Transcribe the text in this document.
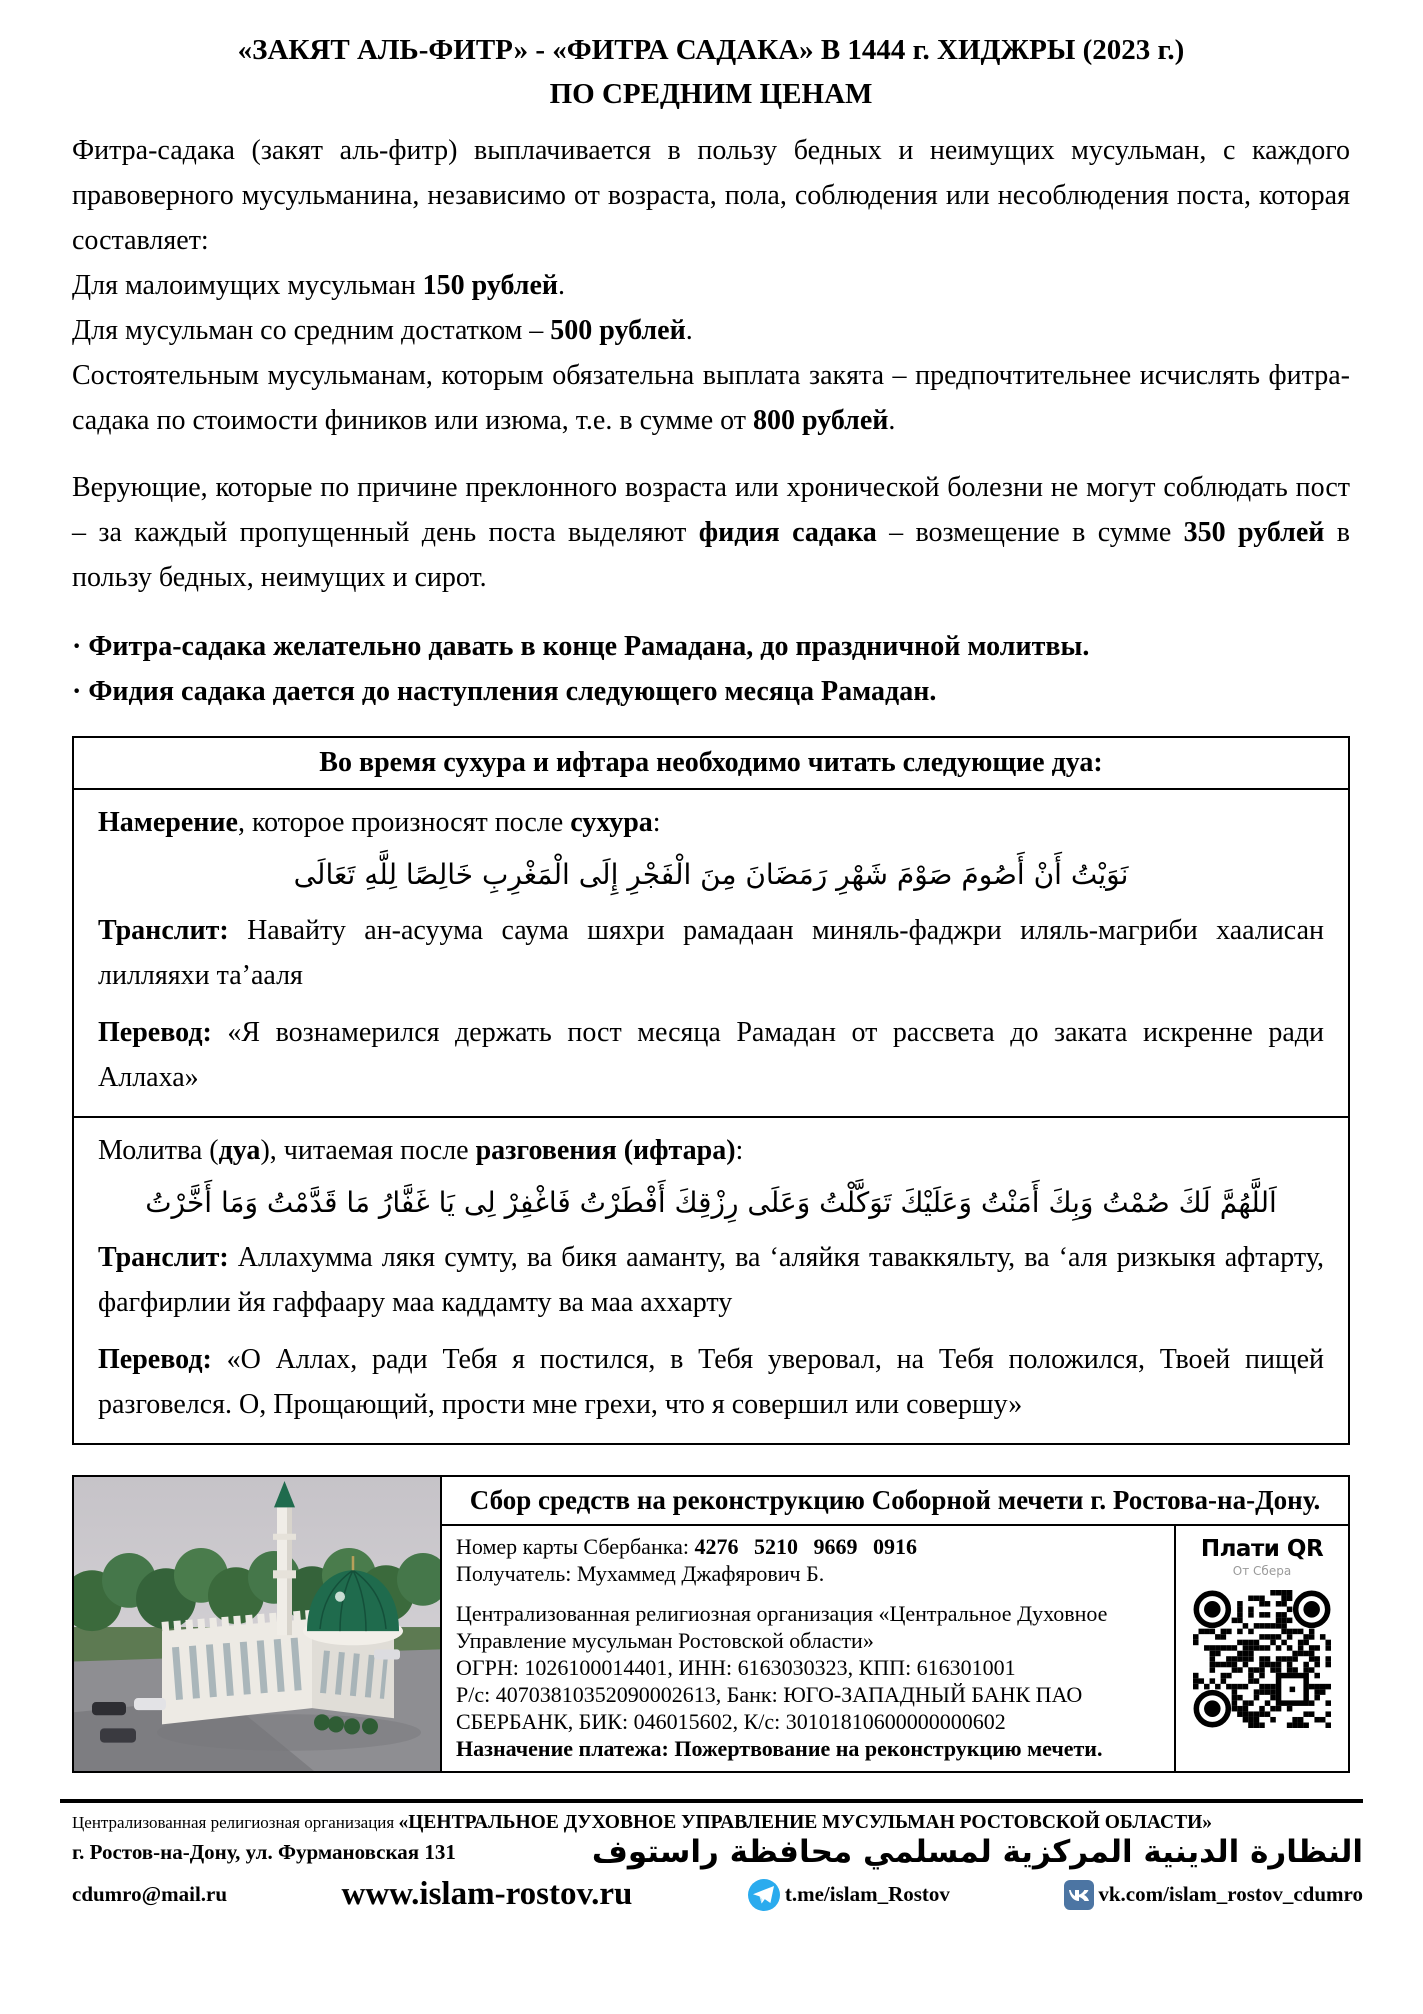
«ЗАКЯТ АЛЬ-ФИТР» - «ФИТРА САДАКА» В 1444 г. ХИДЖРЫ (2023 г.)
ПО СРЕДНИМ ЦЕНАМ

Фитра-садака (закят аль-фитр) выплачивается в пользу бедных и неимущих мусульман, с каждого правоверного мусульманина, независимо от возраста, пола, соблюдения или несоблюдения поста, которая составляет:

Для малоимущих мусульман 150 рублей.

Для мусульман со средним достатком – 500 рублей.

Состоятельным мусульманам, которым обязательна выплата закята – предпочтительнее исчислять фитра-садака по стоимости фиников или изюма, т.е. в сумме от 800 рублей.

Верующие, которые по причине преклонного возраста или хронической болезни не могут соблюдать пост – за каждый пропущенный день поста выделяют фидия садака – возмещение в сумме 350 рублей в пользу бедных, неимущих и сирот.

· Фитра-садака желательно давать в конце Рамадана, до праздничной молитвы.

· Фидия садака дается до наступления следующего месяца Рамадан.

Во время сухура и ифтара необходимо читать следующие дуа:

Намерение, которое произносят после сухура:

نَوَيْتُ أَنْ أَصُومَ صَوْمَ شَهْرِ رَمَضَانَ مِنَ الْفَجْرِ إِلَى الْمَغْرِبِ خَالِصًا لِلَّهِ تَعَالَى

Транслит: Навайту ан-асуума саума шяхри рамадаан миняль-фаджри иляль-магриби хаалисан лилляяхи та’ааля

Перевод: «Я вознамерился держать пост месяца Рамадан от рассвета до заката искренне ради Аллаха»

Молитва (дуа), читаемая после разговения (ифтара):

اَللَّهُمَّ لَكَ صُمْتُ وَبِكَ أَمَنْتُ وَعَلَيْكَ تَوَكَّلْتُ وَعَلَى رِزْقِكَ أَفْطَرْتُ فَاغْفِرْ لِى يَا غَفَّارُ مَا قَدَّمْتُ وَمَا أَخَّرْتُ

Транслит: Аллахумма лякя сумту, ва бикя ааманту, ва ‘аляйкя таваккяльту, ва ‘аля ризкыкя афтарту, фагфирлии йя гаффаару маа каддамту ва маа аххарту

Перевод: «О Аллах, ради Тебя я постился, в Тебя уверовал, на Тебя положился, Твоей пищей разговелся. О, Прощающий, прости мне грехи, что я совершил или совершу»

Сбор средств на реконструкцию Соборной мечети г. Ростова-на-Дону.

Номер карты Сбербанка: 4276 5210 9669 0916

Получатель: Мухаммед Джафярович Б.

Централизованная религиозная организация «Центральное Духовное Управление мусульман Ростовской области»

ОГРН: 1026100014401, ИНН: 6163030323, КПП: 616301001

Р/с: 40703810352090002613, Банк: ЮГО-ЗАПАДНЫЙ БАНК ПАО СБЕРБАНК, БИК: 046015602, К/с: 30101810600000000602

Назначение платежа: Пожертвование на реконструкцию мечети.

Плати QR
От Сбера

Централизованная религиозная организация «ЦЕНТРАЛЬНОЕ ДУХОВНОЕ УПРАВЛЕНИЕ МУСУЛЬМАН РОСТОВСКОЙ ОБЛАСТИ»

г. Ростов-на-Дону, ул. Фурмановская 131	النظارة الدينية المركزية لمسلمي محافظة راستوف
cdumro@mail.ru	www.islam-rostov.ru	t.me/islam_Rostov	vk.com/islam_rostov_cdumro
